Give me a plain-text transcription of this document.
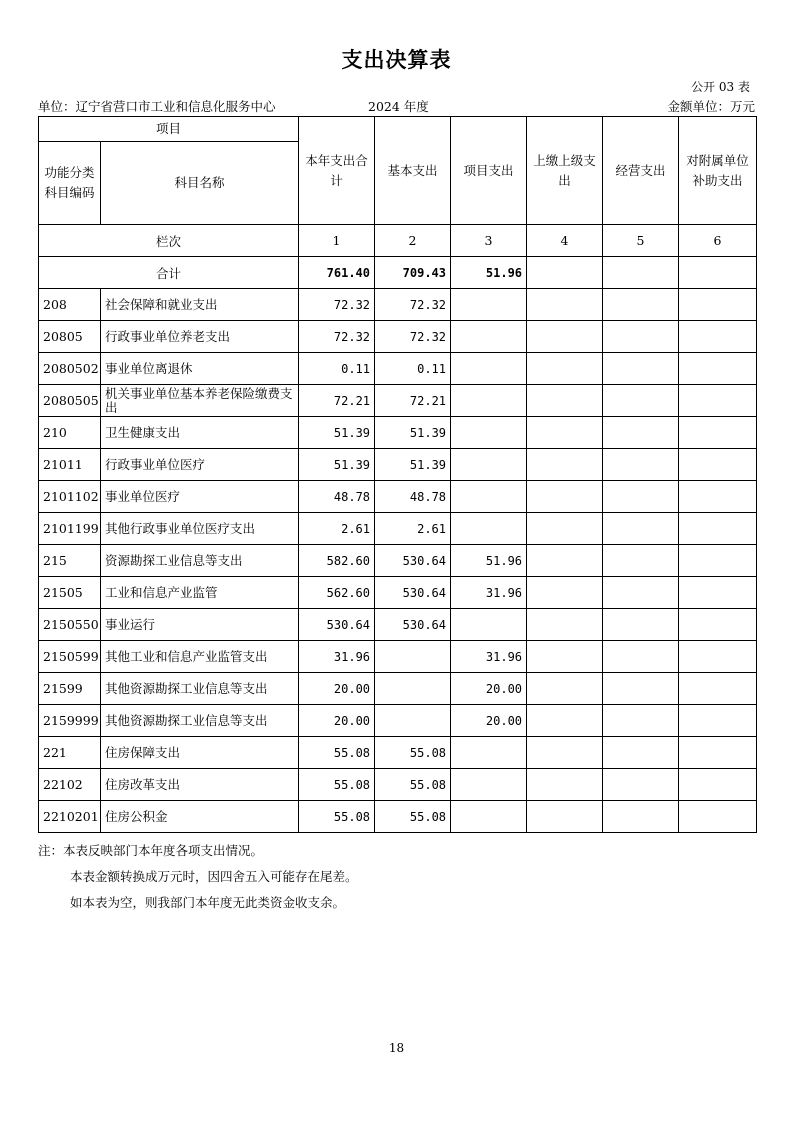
支出决算表
公开 03 表
单位：辽宁省营口市工业和信息化服务中心	2024 年度	金额单位：万元
项目		本年支出合计	基本支出	项目支出	上缴上级支出	经营支出	对附属单位补助支出
功能分类科目编码	科目名称						
栏次		1	2	3	4	5	6
合计		761.40	709.43	51.96			
208	社会保障和就业支出	72.32	72.32				
20805	行政事业单位养老支出	72.32	72.32				
2080502	事业单位离退休	0.11	0.11				
2080505	机关事业单位基本养老保险缴费支出	72.21	72.21				
210	卫生健康支出	51.39	51.39				
21011	行政事业单位医疗	51.39	51.39				
2101102	事业单位医疗	48.78	48.78				
2101199	其他行政事业单位医疗支出	2.61	2.61				
215	资源勘探工业信息等支出	582.60	530.64	51.96			
21505	工业和信息产业监管	562.60	530.64	31.96			
2150550	事业运行	530.64	530.64				
2150599	其他工业和信息产业监管支出	31.96		31.96			
21599	其他资源勘探工业信息等支出	20.00		20.00			
2159999	其他资源勘探工业信息等支出	20.00		20.00			
221	住房保障支出	55.08	55.08				
22102	住房改革支出	55.08	55.08				
2210201	住房公积金	55.08	55.08				
注：本表反映部门本年度各项支出情况。
本表金额转换成万元时，因四舍五入可能存在尾差。
如本表为空，则我部门本年度无此类资金收支余。
18
